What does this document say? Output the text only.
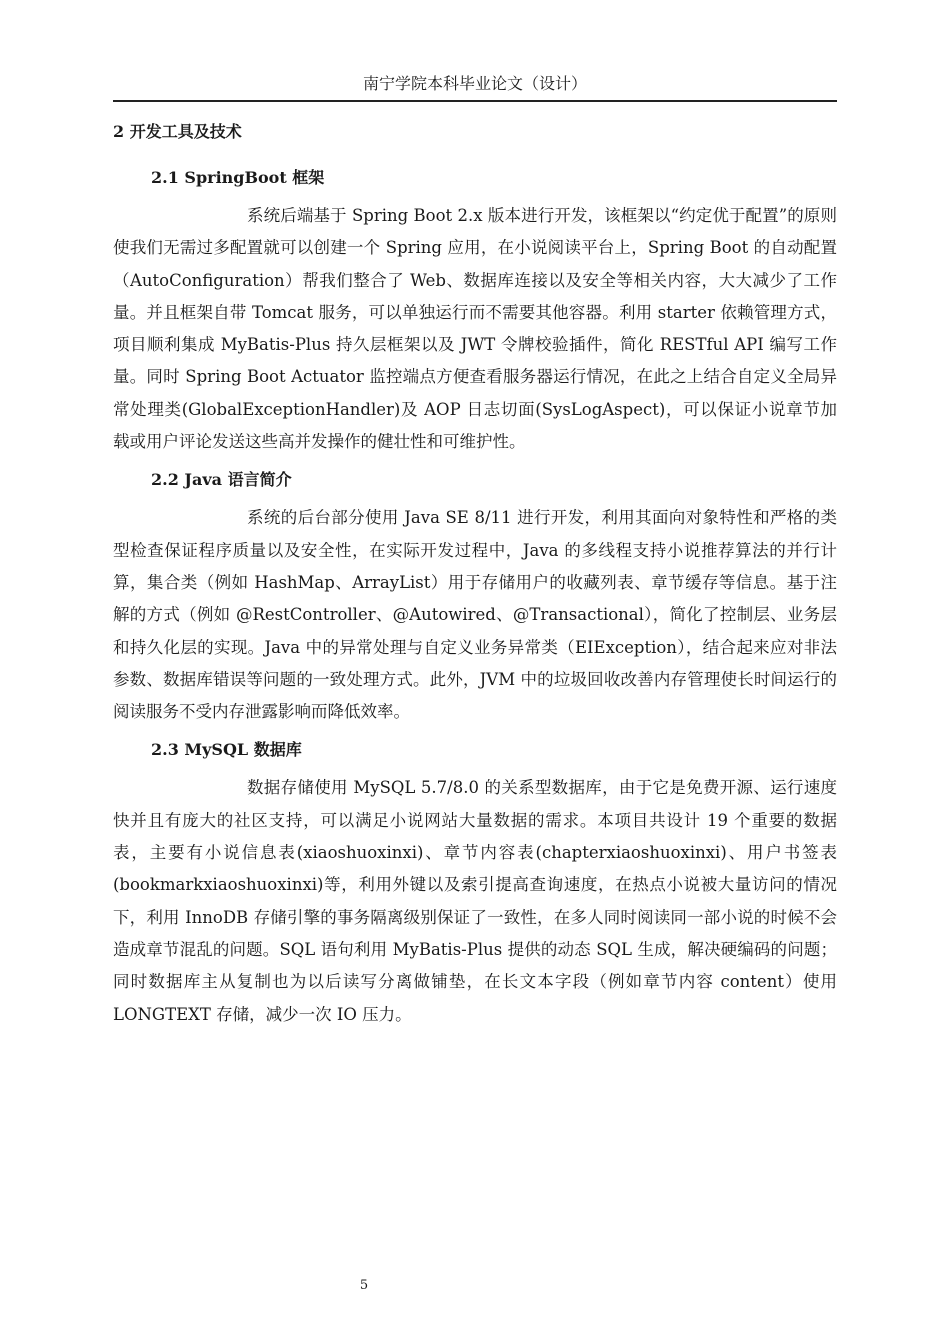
南宁学院本科毕业论文（设计）
2 开发工具及技术
2.1 SpringBoot 框架

系统后端基于 Spring Boot 2.x 版本进行开发，该框架以“约定优于配置”的原则使我们无需过多配置就可以创建一个 Spring 应用，在小说阅读平台上，Spring Boot 的自动配置（AutoConfiguration）帮我们整合了 Web、数据库连接以及安全等相关内容，大大减少了工作量。并且框架自带 Tomcat 服务，可以单独运行而不需要其他容器。利用 starter 依赖管理方式，项目顺利集成 MyBatis-Plus 持久层框架以及 JWT 令牌校验插件，简化 RESTful API 编写工作量。同时 Spring Boot Actuator 监控端点方便查看服务器运行情况，在此之上结合自定义全局异常处理类(GlobalExceptionHandler)及 AOP 日志切面(SysLogAspect)，可以保证小说章节加载或用户评论发送这些高并发操作的健壮性和可维护性。

2.2 Java 语言简介

系统的后台部分使用 Java SE 8/11 进行开发，利用其面向对象特性和严格的类型检查保证程序质量以及安全性，在实际开发过程中，Java 的多线程支持小说推荐算法的并行计算，集合类（例如 HashMap、ArrayList）用于存储用户的收藏列表、章节缓存等信息。基于注解的方式（例如 @RestController、@Autowired、@Transactional），简化了控制层、业务层和持久化层的实现。Java 中的异常处理与自定义业务异常类（EIException），结合起来应对非法参数、数据库错误等问题的一致处理方式。此外，JVM 中的垃圾回收改善内存管理使长时间运行的阅读服务不受内存泄露影响而降低效率。

2.3 MySQL 数据库

数据存储使用 MySQL 5.7/8.0 的关系型数据库，由于它是免费开源、运行速度快并且有庞大的社区支持，可以满足小说网站大量数据的需求。本项目共设计 19 个重要的数据表，主要有小说信息表(xiaoshuoxinxi)、章节内容表(chapterxiaoshuoxinxi)、用户书签表(bookmarkxiaoshuoxinxi)等，利用外键以及索引提高查询速度，在热点小说被大量访问的情况下，利用 InnoDB 存储引擎的事务隔离级别保证了一致性，在多人同时阅读同一部小说的时候不会造成章节混乱的问题。SQL 语句利用 MyBatis-Plus 提供的动态 SQL 生成，解决硬编码的问题；同时数据库主从复制也为以后读写分离做铺垫，在长文本字段（例如章节内容 content）使用 LONGTEXT 存储，减少一次 IO 压力。

5
